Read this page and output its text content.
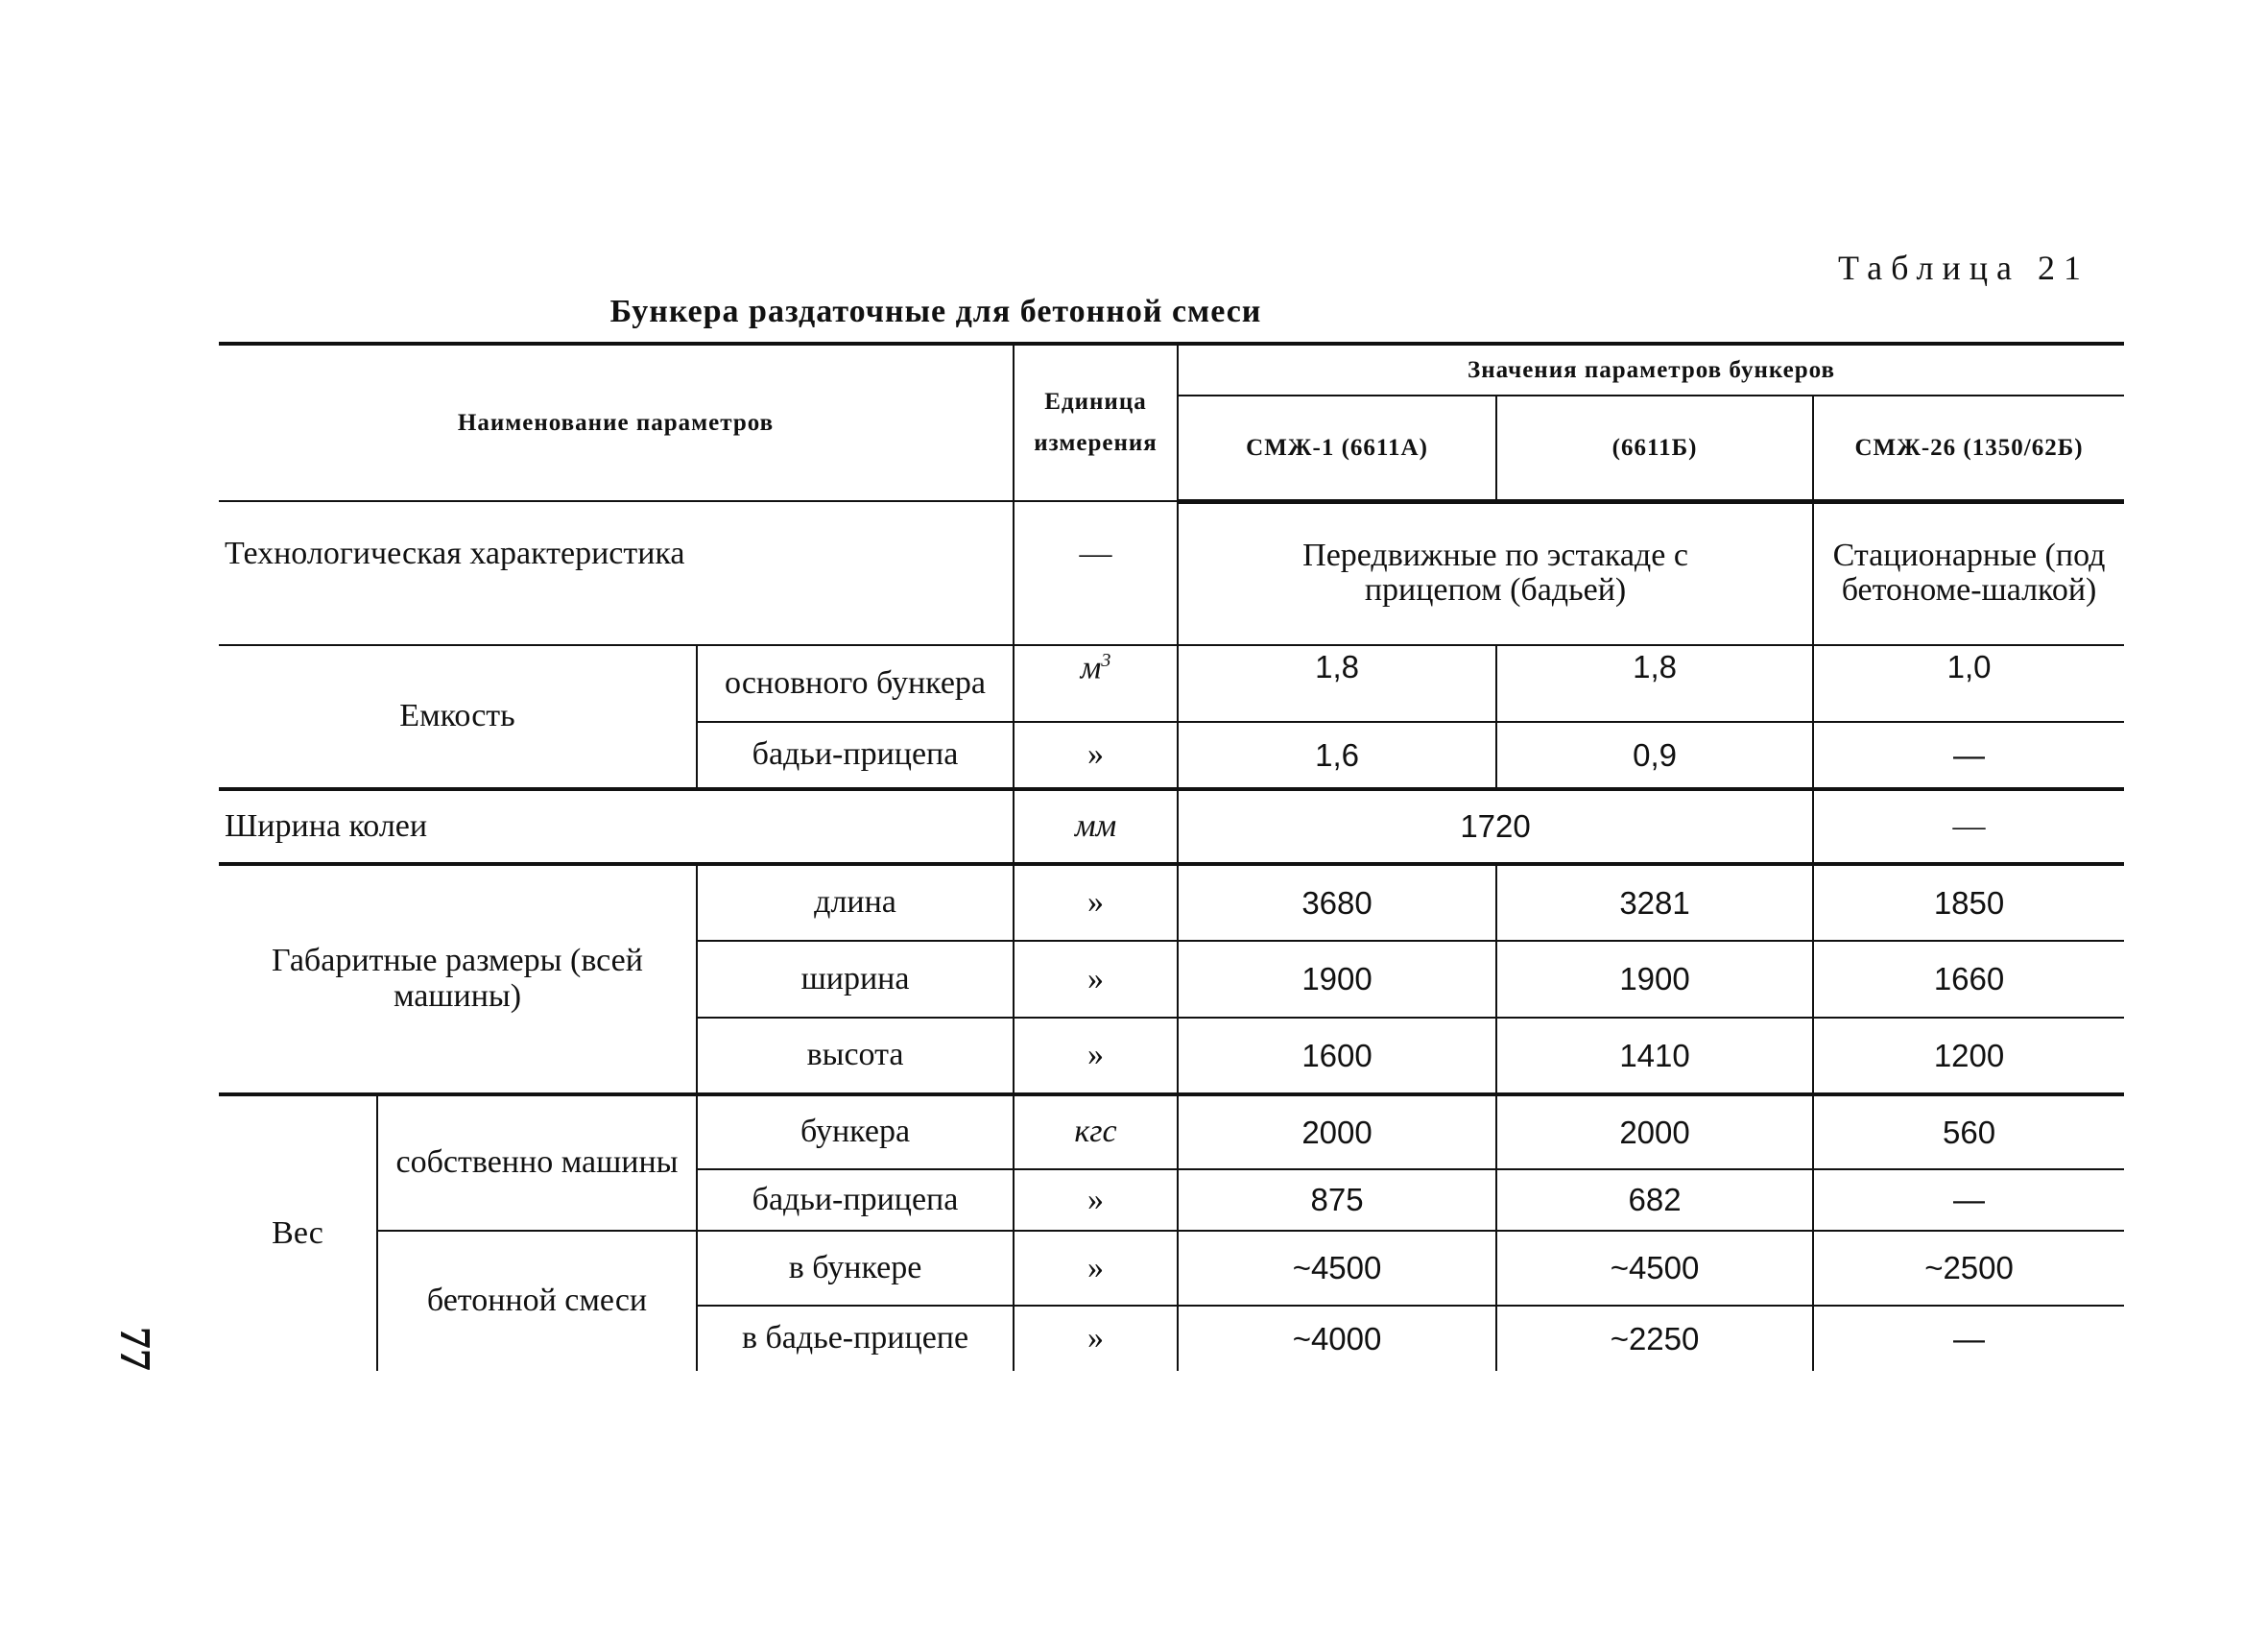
77
Таблица 21
Бункера раздаточные для бетонной смеси
Наименование параметров			Единица измерения	Значения параметров бункеров		
				СМЖ-1 (6611А)	(6611Б)	СМЖ-26 (1350/62Б)
Технологическая характеристика			—	Передвижные по эстакаде с прицепом (бадьей)		Стационарные (под бетономе-шалкой)
Емкость		основного бункера	$м^3$	1,8	1,8	1,0
		бадьи-прицепа	»	1,6	0,9	—
Ширина колеи			мм	1720		—
Габаритные размеры (всей машины)		длина	»	3680	3281	1850
		ширина	»	1900	1900	1660
		высота	»	1600	1410	1200
Вес	собственно машины	бункера	кгс	2000	2000	560
		бадьи-прицепа	»	875	682	—
	бетонной смеси	в бункере	»	~4500	~4500	~2500
		в бадье-прицепе	»	~4000	~2250	—
